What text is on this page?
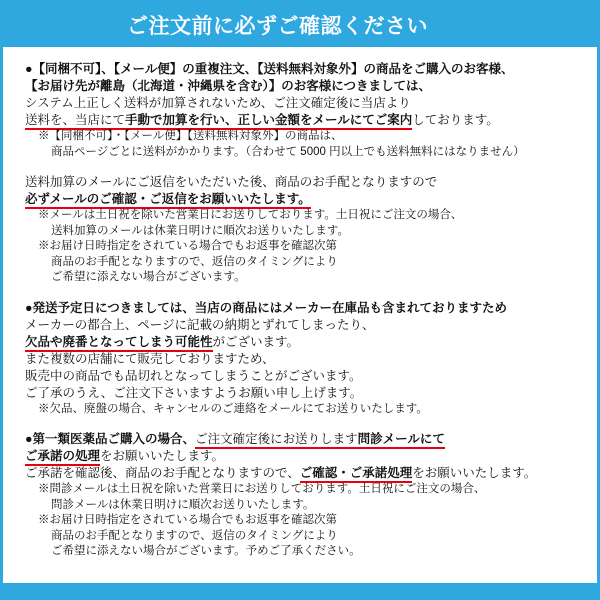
ご注文前に必ずご確認ください
●【同梱不可】、【メール便】の重複注文、【送料無料対象外】の商品をご購入のお客様、
【お届け先が離島（北海道・沖縄県を含む）】のお客様につきましては、
システム上正しく送料が加算されないため、ご注文確定後に当店より
送料を、当店にて手動で加算を行い、正しい金額をメールにてご案内しております。
※【同梱不可】・【メール便】【送料無料対象外】の商品は、
商品ページごとに送料がかかります。（合わせて 5000 円以上でも送料無料にはなりません）
送料加算のメールにご返信をいただいた後、商品のお手配となりますので
必ずメールのご確認・ご返信をお願いいたします。
※メールは土日祝を除いた営業日にお送りしております。土日祝にご注文の場合、
送料加算のメールは休業日明けに順次お送りいたします。
※お届け日時指定をされている場合でもお返事を確認次第
商品のお手配となりますので、返信のタイミングにより
ご希望に添えない場合がございます。
●発送予定日につきましては、当店の商品にはメーカー在庫品も含まれておりますため
メーカーの都合上、ページに記載の納期とずれてしまったり、
欠品や廃番となってしまう可能性がございます。
また複数の店舗にて販売しておりますため、
販売中の商品でも品切れとなってしまうことがございます。
ご了承のうえ、ご注文下さいますようお願い申し上げます。
※欠品、廃盤の場合、キャンセルのご連絡をメールにてお送りいたします。
●第一類医薬品ご購入の場合、ご注文確定後にお送りします問診メールにて
ご承諾の処理をお願いいたします。
ご承諾を確認後、商品のお手配となりますので、ご確認・ご承諾処理をお願いいたします。
※問診メールは土日祝を除いた営業日にお送りしております。土日祝にご注文の場合、
問診メールは休業日明けに順次お送りいたします。
※お届け日時指定をされている場合でもお返事を確認次第
商品のお手配となりますので、返信のタイミングにより
ご希望に添えない場合がございます。予めご了承ください。
